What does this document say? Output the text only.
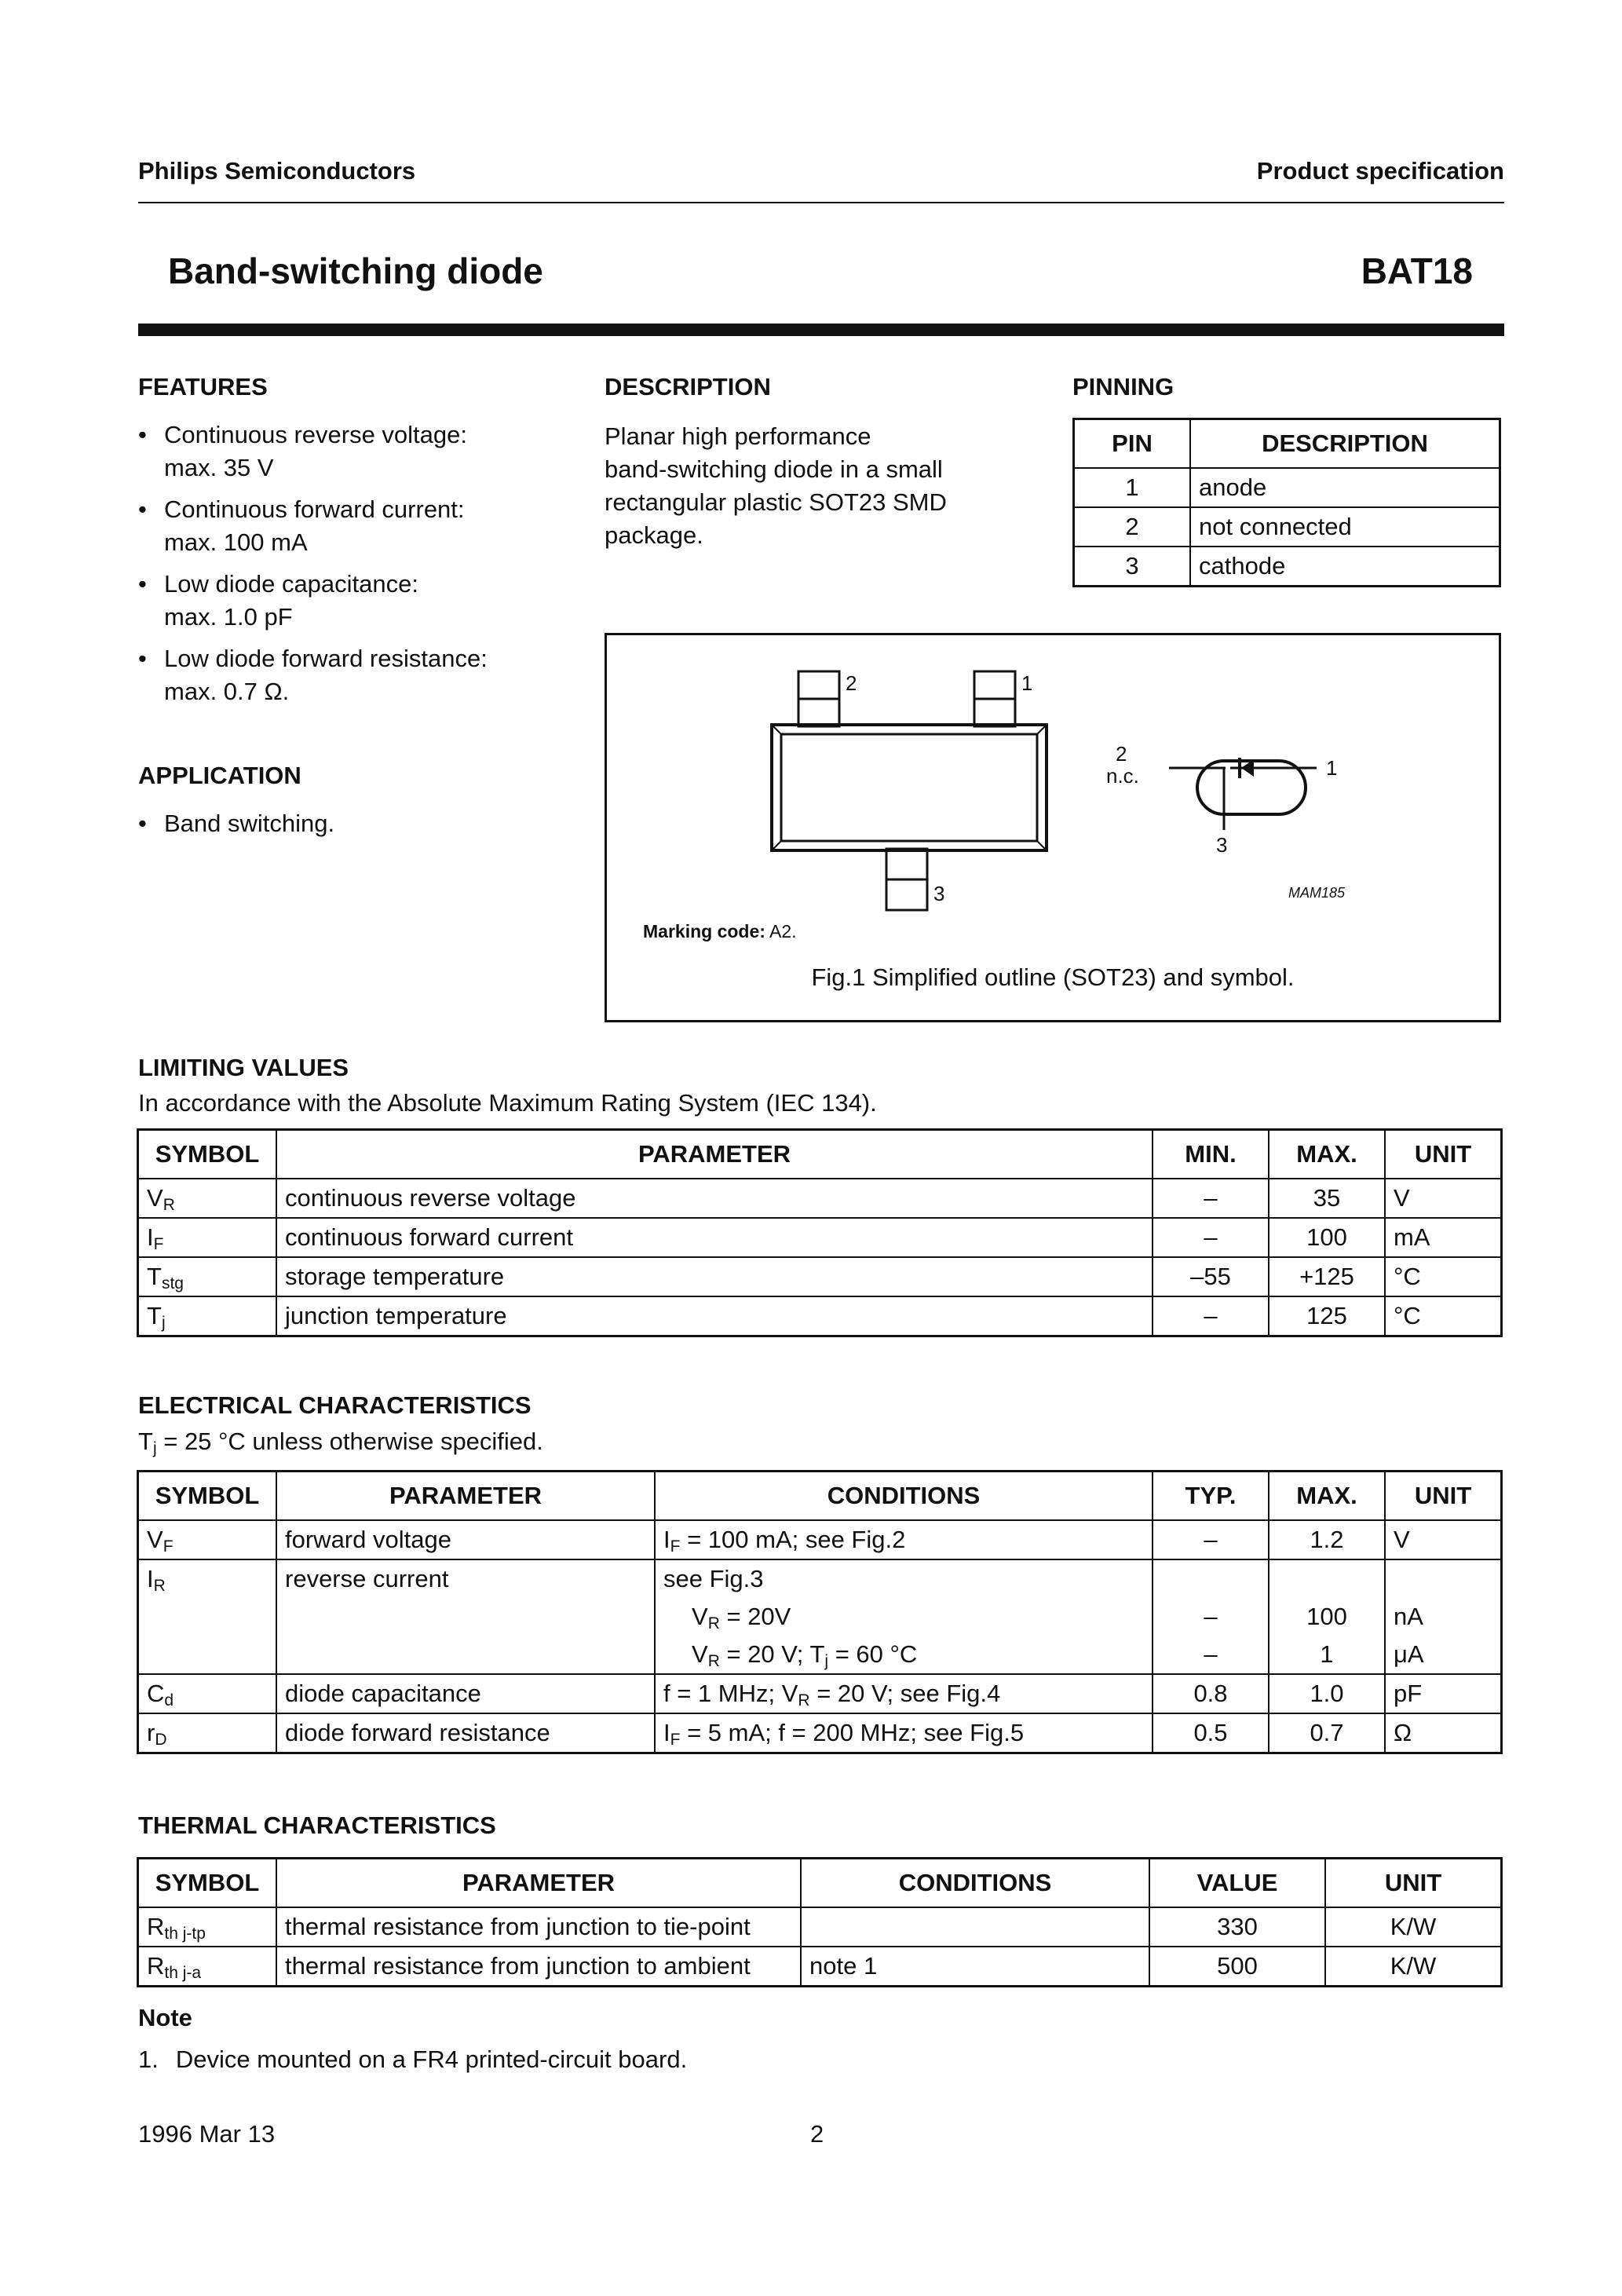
Philips Semiconductors	Product specification
Band-switching diode	BAT18
FEATURES
• Continuous reverse voltage:
max. 35 V
• Continuous forward current:
max. 100 mA
• Low diode capacitance:
max. 1.0 pF
• Low diode forward resistance:
max. 0.7 Ω.
APPLICATION
• Band switching.
DESCRIPTION
Planar high performance
band-switching diode in a small
rectangular plastic SOT23 SMD
package.
PINNING
PIN	DESCRIPTION
1	anode
2	not connected
3	cathode
2	1
3
2
n.c.	1
3
MAM185
Marking code: A2.
Fig.1 Simplified outline (SOT23) and symbol.
LIMITING VALUES
In accordance with the Absolute Maximum Rating System (IEC 134).
SYMBOL	PARAMETER	MIN.	MAX.	UNIT
$V_R$	continuous reverse voltage	–	35	V
$I_F$	continuous forward current	–	100	mA
$T_{stg}$	storage temperature	–55	+125	°C
$T_j$	junction temperature	–	125	°C
ELECTRICAL CHARACTERISTICS
$T_j = 25$ °C unless otherwise specified.
SYMBOL	PARAMETER	CONDITIONS	TYP.	MAX.	UNIT
$V_F$	forward voltage	$I_F = 100$ mA; see Fig.2	–	1.2	V
$I_R$	reverse current	see Fig.3			
		$V_R = 20V$	–	100	nA
		$V_R = 20$ V; $T_j = 60$ °C	–	1	μA
$C_d$	diode capacitance	f = 1 MHz; $V_R = 20$ V; see Fig.4	0.8	1.0	pF
$r_D$	diode forward resistance	$I_F = 5$ mA; f = 200 MHz; see Fig.5	0.5	0.7	Ω
THERMAL CHARACTERISTICS
SYMBOL	PARAMETER	CONDITIONS	VALUE	UNIT
$R_{th j-tp}$	thermal resistance from junction to tie-point		330	K/W
$R_{th j-a}$	thermal resistance from junction to ambient	note 1	500	K/W
Note
1. Device mounted on a FR4 printed-circuit board.
1996 Mar 13	2
